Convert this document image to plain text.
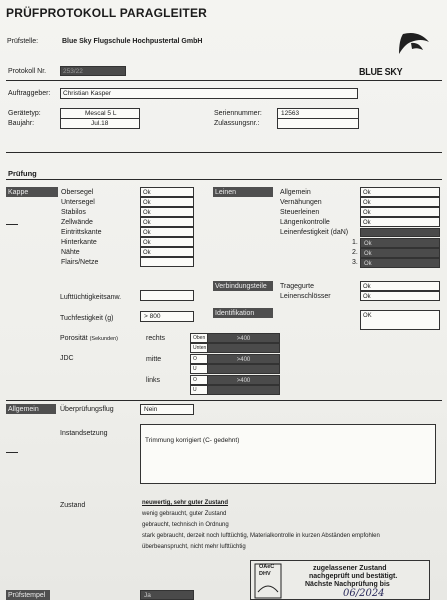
PRÜFPROTOKOLL PARAGLEITER
Prüfstelle:	Blue Sky Flugschule Hochpustertal GmbH
BLUE SKY
Protokoll Nr.	253/22
Auftraggeber: Christian Kasper
Gerätetyp:	Mescal 5 L
Baujahr:	Jul.18
Seriennummer:	12563
Zulassungsnr.:
Prüfung
Kappe	Obersegel	Ok
Untersegel	Ok
Stabilos	Ok
Zellwände	Ok
Eintrittskante	Ok
Hinterkante	Ok
Nähte	Ok
Flairs/Netze
Leinen	Allgemein	Ok
Vernähungen	Ok
Steuerleinen	Ok
Längenkontrolle	Ok
Leinenfestigkeit (daN)
1.	Ok
2.	Ok
3.	Ok
Verbindungsteile	Tragegurte	Ok
Leinenschlösser	Ok
Lufttüchtigkeitsanw.
Identifikation	OK
Tuchfestigkeit (g)	> 800
Porosität (Sekunden)
JDC
rechts	Oben	>400
Unten
mitte	O	>400
U
links	O	>400
U
Allgemein	Überprüfungsflug	Nein
Instandsetzung
Trimmung korrigiert (C- gedehnt)
Zustand	neuwertig, sehr guter Zustand
wenig gebraucht, guter Zustand
gebraucht, technisch in Ordnung
stark gebraucht, derzeit noch lufttüchtig, Materialkontrolle in kurzen Abständen empfohlen
überbeansprucht, nicht mehr lufttüchtig
OAeC
DHV
zugelassener Zustand
nachgeprüft und bestätigt.
Nächste Nachprüfung bis
06/2024
Prüfstempel	Ja
